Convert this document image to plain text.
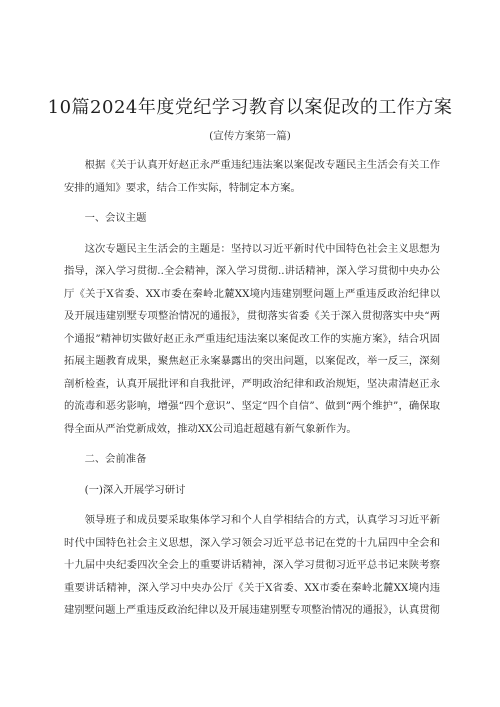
10篇2024年度党纪学习教育以案促改的工作方案
(宣传方案第一篇)

根据《关于认真开好赵正永严重违纪违法案以案促改专题民主生活会有关工作安排的通知》要求，结合工作实际，特制定本方案。

一、会议主题

这次专题民主生活会的主题是：坚持以习近平新时代中国特色社会主义思想为指导，深入学习贯彻..全会精神，深入学习贯彻..讲话精神，深入学习贯彻中央办公厅《关于X省委、XX市委在秦岭北麓XX境内违建别墅问题上严重违反政治纪律以及开展违建别墅专项整治情况的通报》，贯彻落实省委《关于深入贯彻落实中央“两个通报”精神切实做好赵正永严重违纪违法案以案促改工作的实施方案》，结合巩固拓展主题教育成果，聚焦赵正永案暴露出的突出问题，以案促改，举一反三，深刻剖析检查，认真开展批评和自我批评，严明政治纪律和政治规矩，坚决肃清赵正永的流毒和恶劣影响，增强“四个意识”、坚定“四个自信”、做到“两个维护”，确保取得全面从严治党新成效，推动XX公司追赶超越有新气象新作为。

二、会前准备

(一)深入开展学习研讨

领导班子和成员要采取集体学习和个人自学相结合的方式，认真学习习近平新时代中国特色社会主义思想，深入学习领会习近平总书记在党的十九届四中全会和十九届中央纪委四次全会上的重要讲话精神，深入学习贯彻习近平总书记来陕考察重要讲话精神，深入学习中央办公厅《关于X省委、XX市委在秦岭北麓XX境内违建别墅问题上严重违反政治纪律以及开展违建别墅专项整治情况的通报》，认真贯彻
